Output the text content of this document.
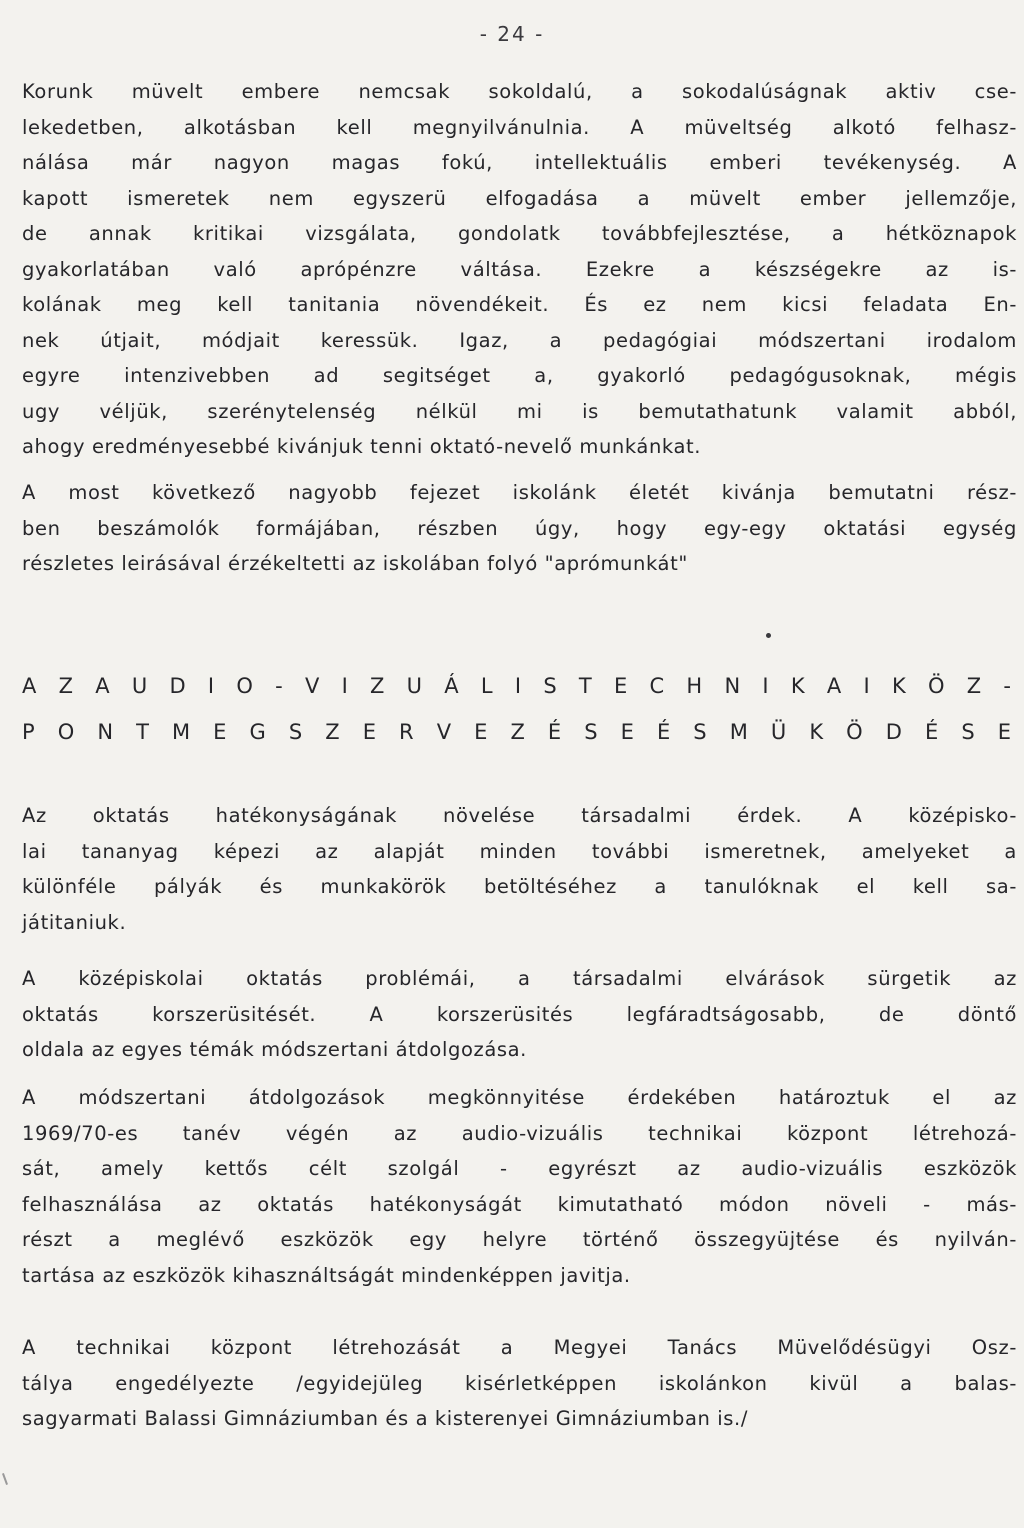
- 24 -
Korunk müvelt embere nemcsak sokoldalú, a sokodalúságnak aktiv cse-
lekedetben, alkotásban kell megnyilvánulnia. A müveltség alkotó felhasz-
nálása már nagyon magas fokú, intellektuális emberi tevékenység. A
kapott ismeretek nem egyszerü elfogadása a müvelt ember jellemzője,
de annak kritikai vizsgálata, gondolatk továbbfejlesztése, a hétköznapok
gyakorlatában való aprópénzre váltása. Ezekre a készségekre az is-
kolának meg kell tanitania növendékeit. És ez nem kicsi feladata En-
nek útjait, módjait keressük. Igaz, a pedagógiai módszertani irodalom
egyre intenzivebben ad segitséget a, gyakorló pedagógusoknak, mégis
ugy véljük, szerénytelenség nélkül mi is bemutathatunk valamit abból,
ahogy eredményesebbé kivánjuk tenni oktató-nevelő munkánkat.
A most következő nagyobb fejezet iskolánk életét kivánja bemutatni rész-
ben beszámolók formájában, részben úgy, hogy egy-egy oktatási egység
részletes leirásával érzékeltetti az iskolában folyó "aprómunkát"
A Z A U D I O - V I Z U Á L I S T E C H N I K A I K Ö Z -
P O N T M E G S Z E R V E Z É S E É S M Ü K Ö D É S E
Az oktatás hatékonyságának növelése társadalmi érdek. A középisko-
lai tananyag képezi az alapját minden további ismeretnek, amelyeket a
különféle pályák és munkakörök betöltéséhez a tanulóknak el kell sa-
játitaniuk.
A középiskolai oktatás problémái, a társadalmi elvárások sürgetik az
oktatás korszerüsitését. A korszerüsités legfáradtságosabb, de döntő
oldala az egyes témák módszertani átdolgozása.
A módszertani átdolgozások megkönnyitése érdekében határoztuk el az
1969/70-es tanév végén az audio-vizuális technikai központ létrehozá-
sát, amely kettős célt szolgál - egyrészt az audio-vizuális eszközök
felhasználása az oktatás hatékonyságát kimutatható módon növeli - más-
részt a meglévő eszközök egy helyre történő összegyüjtése és nyilván-
tartása az eszközök kihasználtságát mindenképpen javitja.
A technikai központ létrehozását a Megyei Tanács Müvelődésügyi Osz-
tálya engedélyezte /egyidejüleg kisérletképpen iskolánkon kivül a balas-
sagyarmati Balassi Gimnáziumban és a kisterenyei Gimnáziumban is./
